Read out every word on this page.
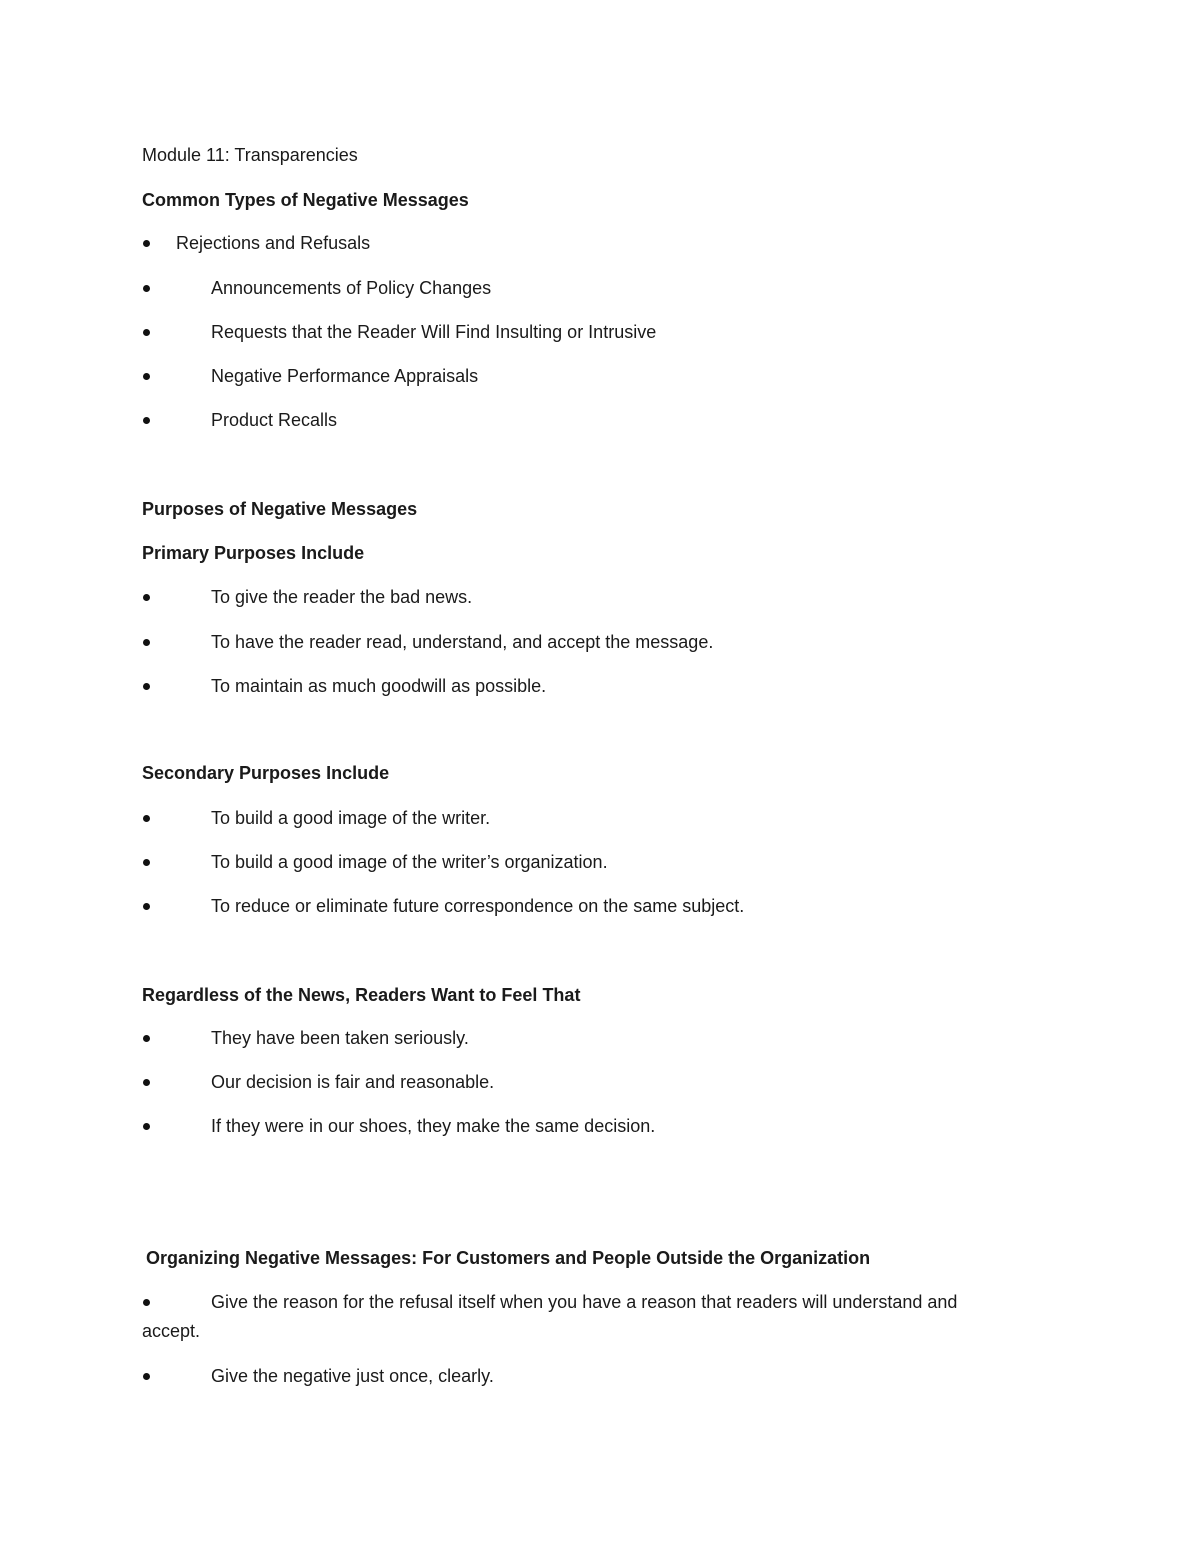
Module 11: Transparencies
Common Types of Negative Messages
Rejections and Refusals
Announcements of Policy Changes
Requests that the Reader Will Find Insulting or Intrusive
Negative Performance Appraisals
Product Recalls
Purposes of Negative Messages
Primary Purposes Include
To give the reader the bad news.
To have the reader read, understand, and accept the message.
To maintain as much goodwill as possible.
Secondary Purposes Include
To build a good image of the writer.
To build a good image of the writer’s organization.
To reduce or eliminate future correspondence on the same subject.
Regardless of the News, Readers Want to Feel That
They have been taken seriously.
Our decision is fair and reasonable.
If they were in our shoes, they make the same decision.
Organizing Negative Messages: For Customers and People Outside the Organization
Give the reason for the refusal itself when you have a reason that readers will understand and
accept.
Give the negative just once, clearly.
